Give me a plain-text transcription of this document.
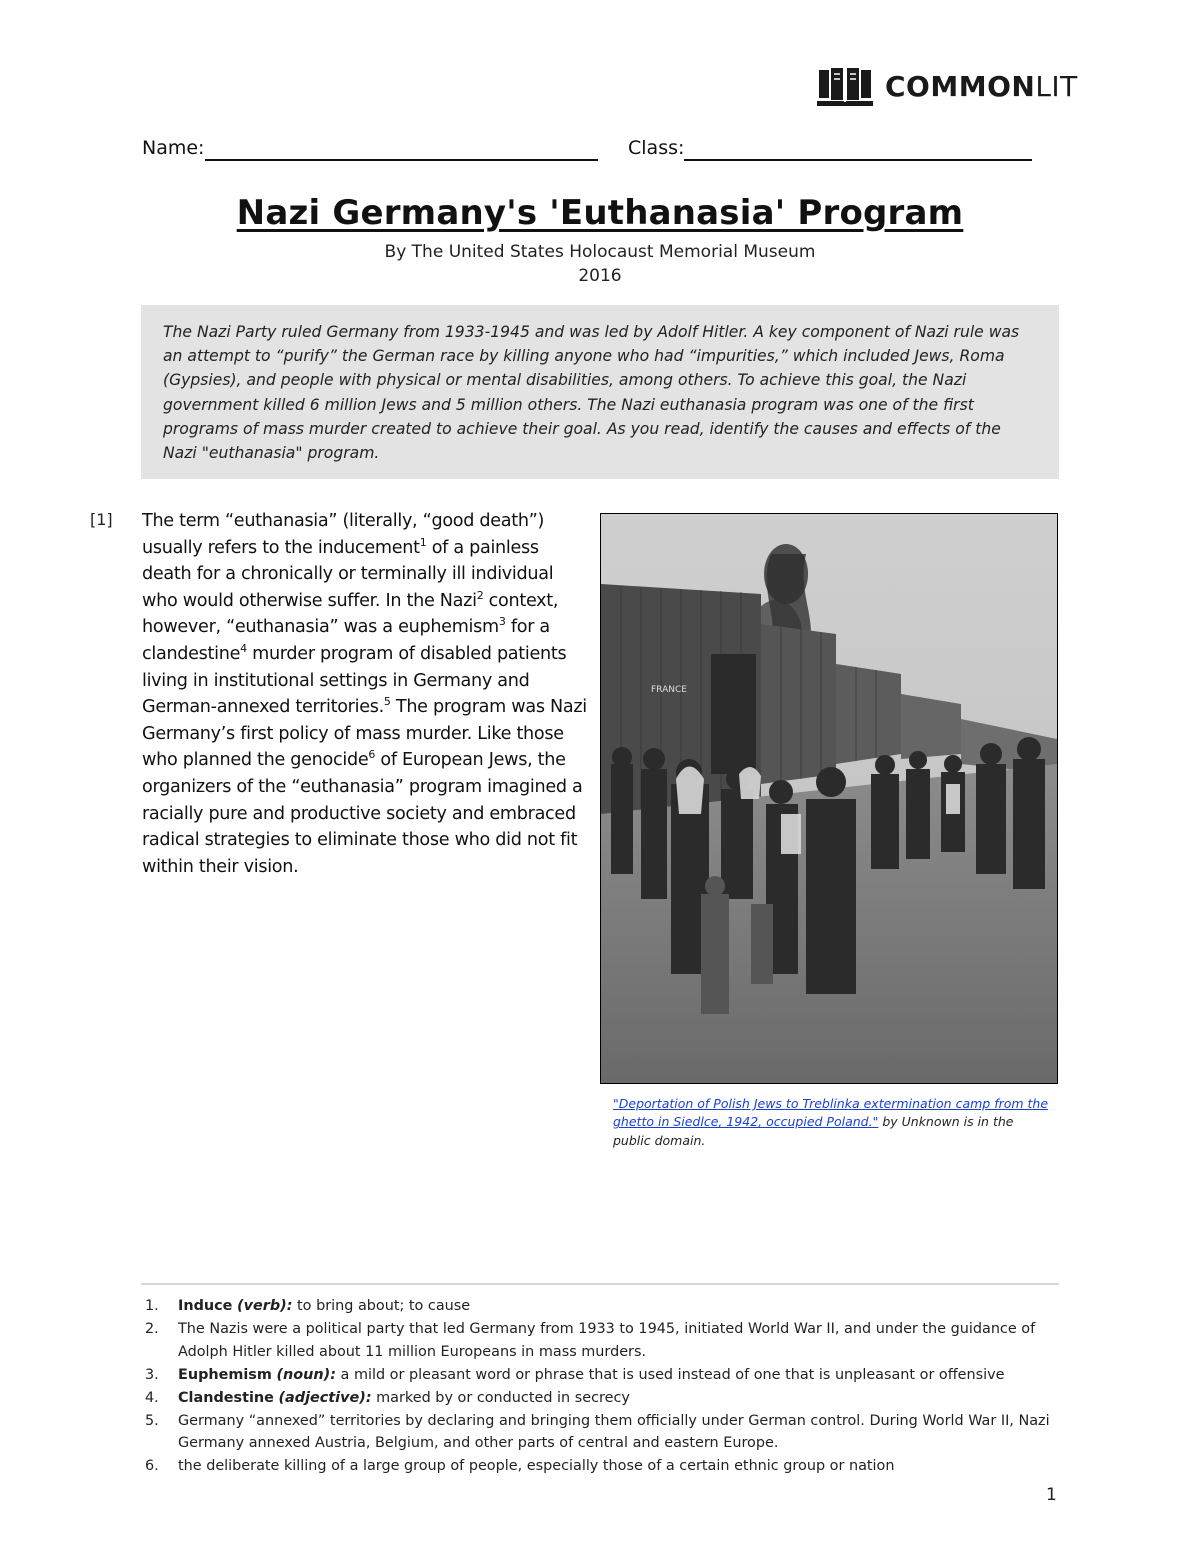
COMMONLIT
Name:	Class:
Nazi Germany's 'Euthanasia' Program
By The United States Holocaust Memorial Museum
2016
The Nazi Party ruled Germany from 1933-1945 and was led by Adolf Hitler. A key component of Nazi rule was an attempt to “purify” the German race by killing anyone who had “impurities,” which included Jews, Roma (Gypsies), and people with physical or mental disabilities, among others. To achieve this goal, the Nazi government killed 6 million Jews and 5 million others. The Nazi euthanasia program was one of the first programs of mass murder created to achieve their goal. As you read, identify the causes and effects of the Nazi "euthanasia" program.
[1] The term “euthanasia” (literally, “good death”) usually refers to the inducement$^1$ of a painless death for a chronically or terminally ill individual who would otherwise suffer. In the Nazi$^2$ context, however, “euthanasia” was a euphemism$^3$ for a clandestine$^4$ murder program of disabled patients living in institutional settings in Germany and German-annexed territories.$^5$ The program was Nazi Germany’s first policy of mass murder. Like those who planned the genocide$^6$ of European Jews, the organizers of the “euthanasia” program imagined a racially pure and productive society and embraced radical strategies to eliminate those who did not fit within their vision.
FRANCE
"Deportation of Polish Jews to Treblinka extermination camp from the ghetto in Siedlce, 1942, occupied Poland." by Unknown is in the public domain.
1. Induce (verb): to bring about; to cause
2. The Nazis were a political party that led Germany from 1933 to 1945, initiated World War II, and under the guidance of Adolph Hitler killed about 11 million Europeans in mass murders.
3. Euphemism (noun): a mild or pleasant word or phrase that is used instead of one that is unpleasant or offensive
4. Clandestine (adjective): marked by or conducted in secrecy
5. Germany “annexed” territories by declaring and bringing them officially under German control. During World War II, Nazi Germany annexed Austria, Belgium, and other parts of central and eastern Europe.
6. the deliberate killing of a large group of people, especially those of a certain ethnic group or nation
1
